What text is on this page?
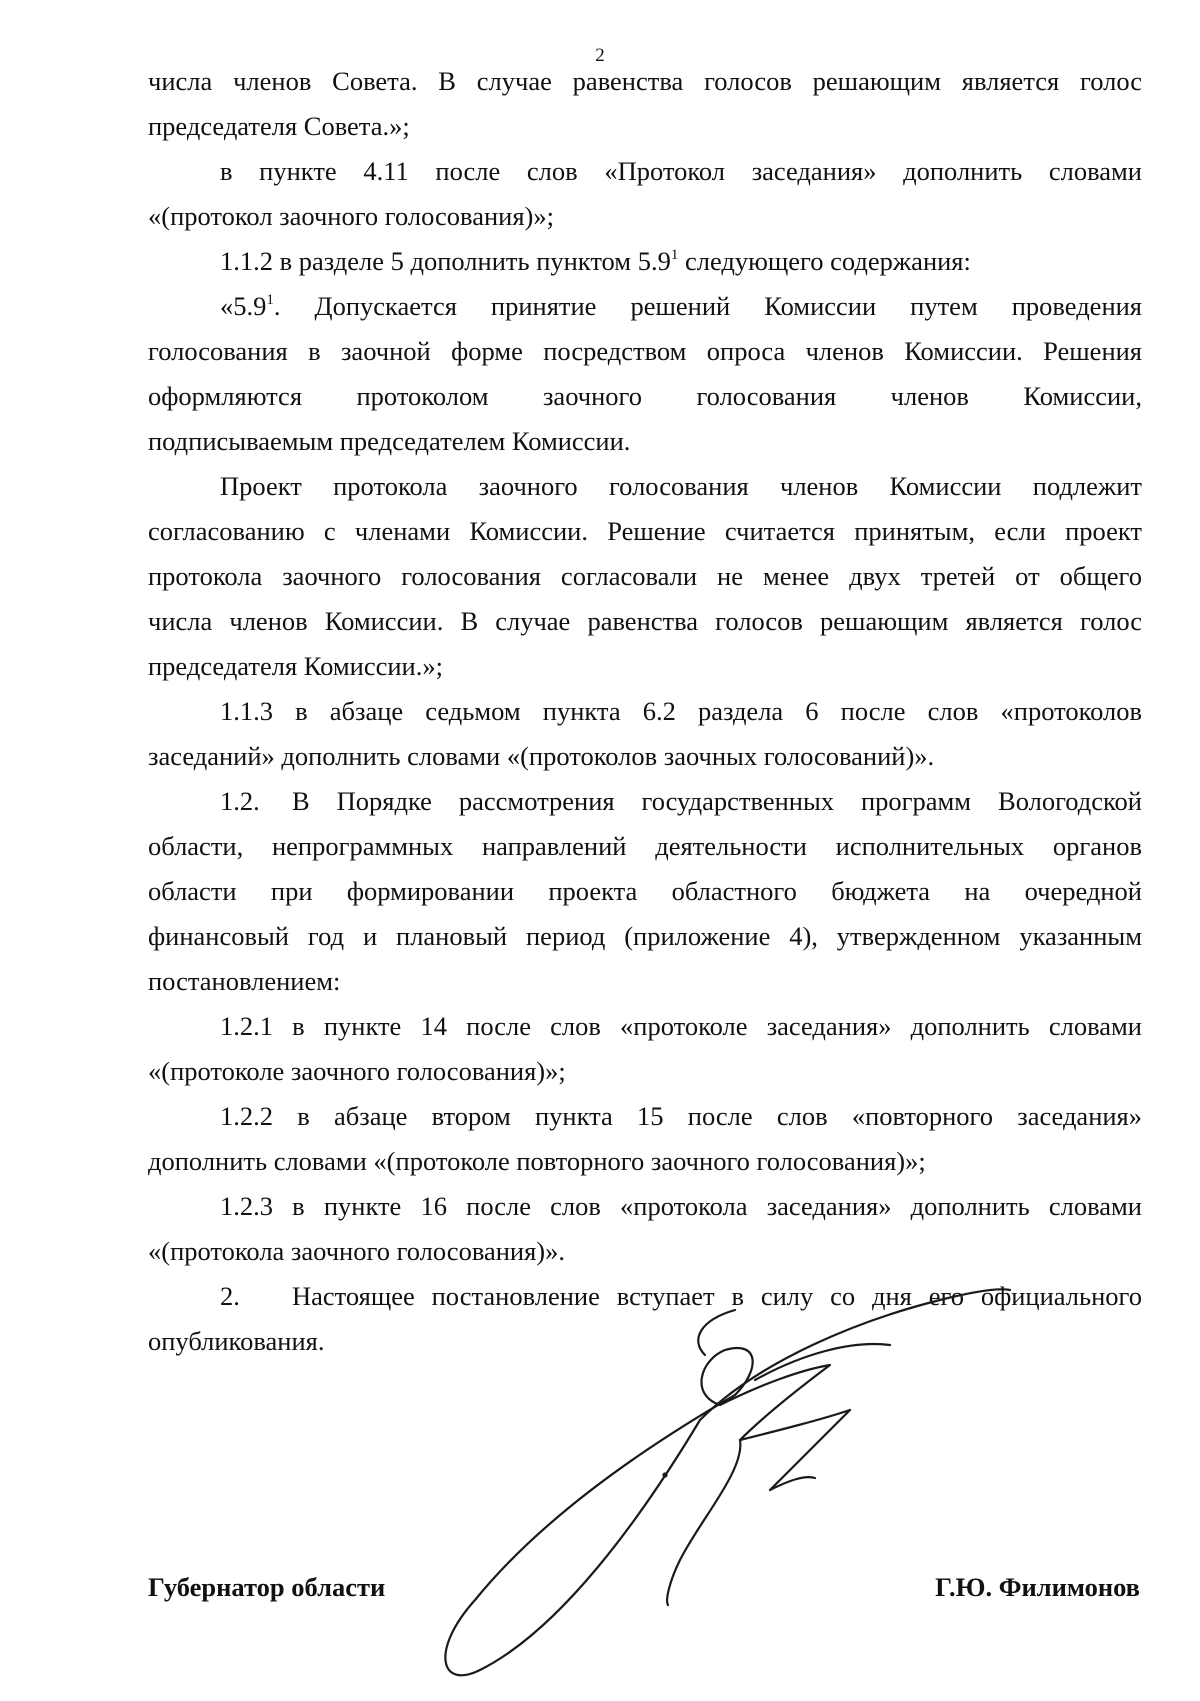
2
числа членов Совета. В случае равенства голосов решающим является голос
председателя Совета.»;
в пункте 4.11 после слов «Протокол заседания» дополнить словами
«(протокол заочного голосования)»;
1.1.2 в разделе 5 дополнить пунктом $5.9^1$ следующего содержания:
«$5.9^1$. Допускается принятие решений Комиссии путем проведения
голосования в заочной форме посредством опроса членов Комиссии. Решения
оформляются протоколом заочного голосования членов Комиссии,
подписываемым председателем Комиссии.
Проект протокола заочного голосования членов Комиссии подлежит
согласованию с членами Комиссии. Решение считается принятым, если проект
протокола заочного голосования согласовали не менее двух третей от общего
числа членов Комиссии. В случае равенства голосов решающим является голос
председателя Комиссии.»;
1.1.3 в абзаце седьмом пункта 6.2 раздела 6 после слов «протоколов
заседаний» дополнить словами «(протоколов заочных голосований)».
1.2. В Порядке рассмотрения государственных программ Вологодской
области, непрограммных направлений деятельности исполнительных органов
области при формировании проекта областного бюджета на очередной
финансовый год и плановый период (приложение 4), утвержденном указанным
постановлением:
1.2.1 в пункте 14 после слов «протоколе заседания» дополнить словами
«(протоколе заочного голосования)»;
1.2.2 в абзаце втором пункта 15 после слов «повторного заседания»
дополнить словами «(протоколе повторного заочного голосования)»;
1.2.3 в пункте 16 после слов «протокола заседания» дополнить словами
«(протокола заочного голосования)».
2. Настоящее постановление вступает в силу со дня его официального
опубликования.
Губернатор области	Г.Ю. Филимонов
